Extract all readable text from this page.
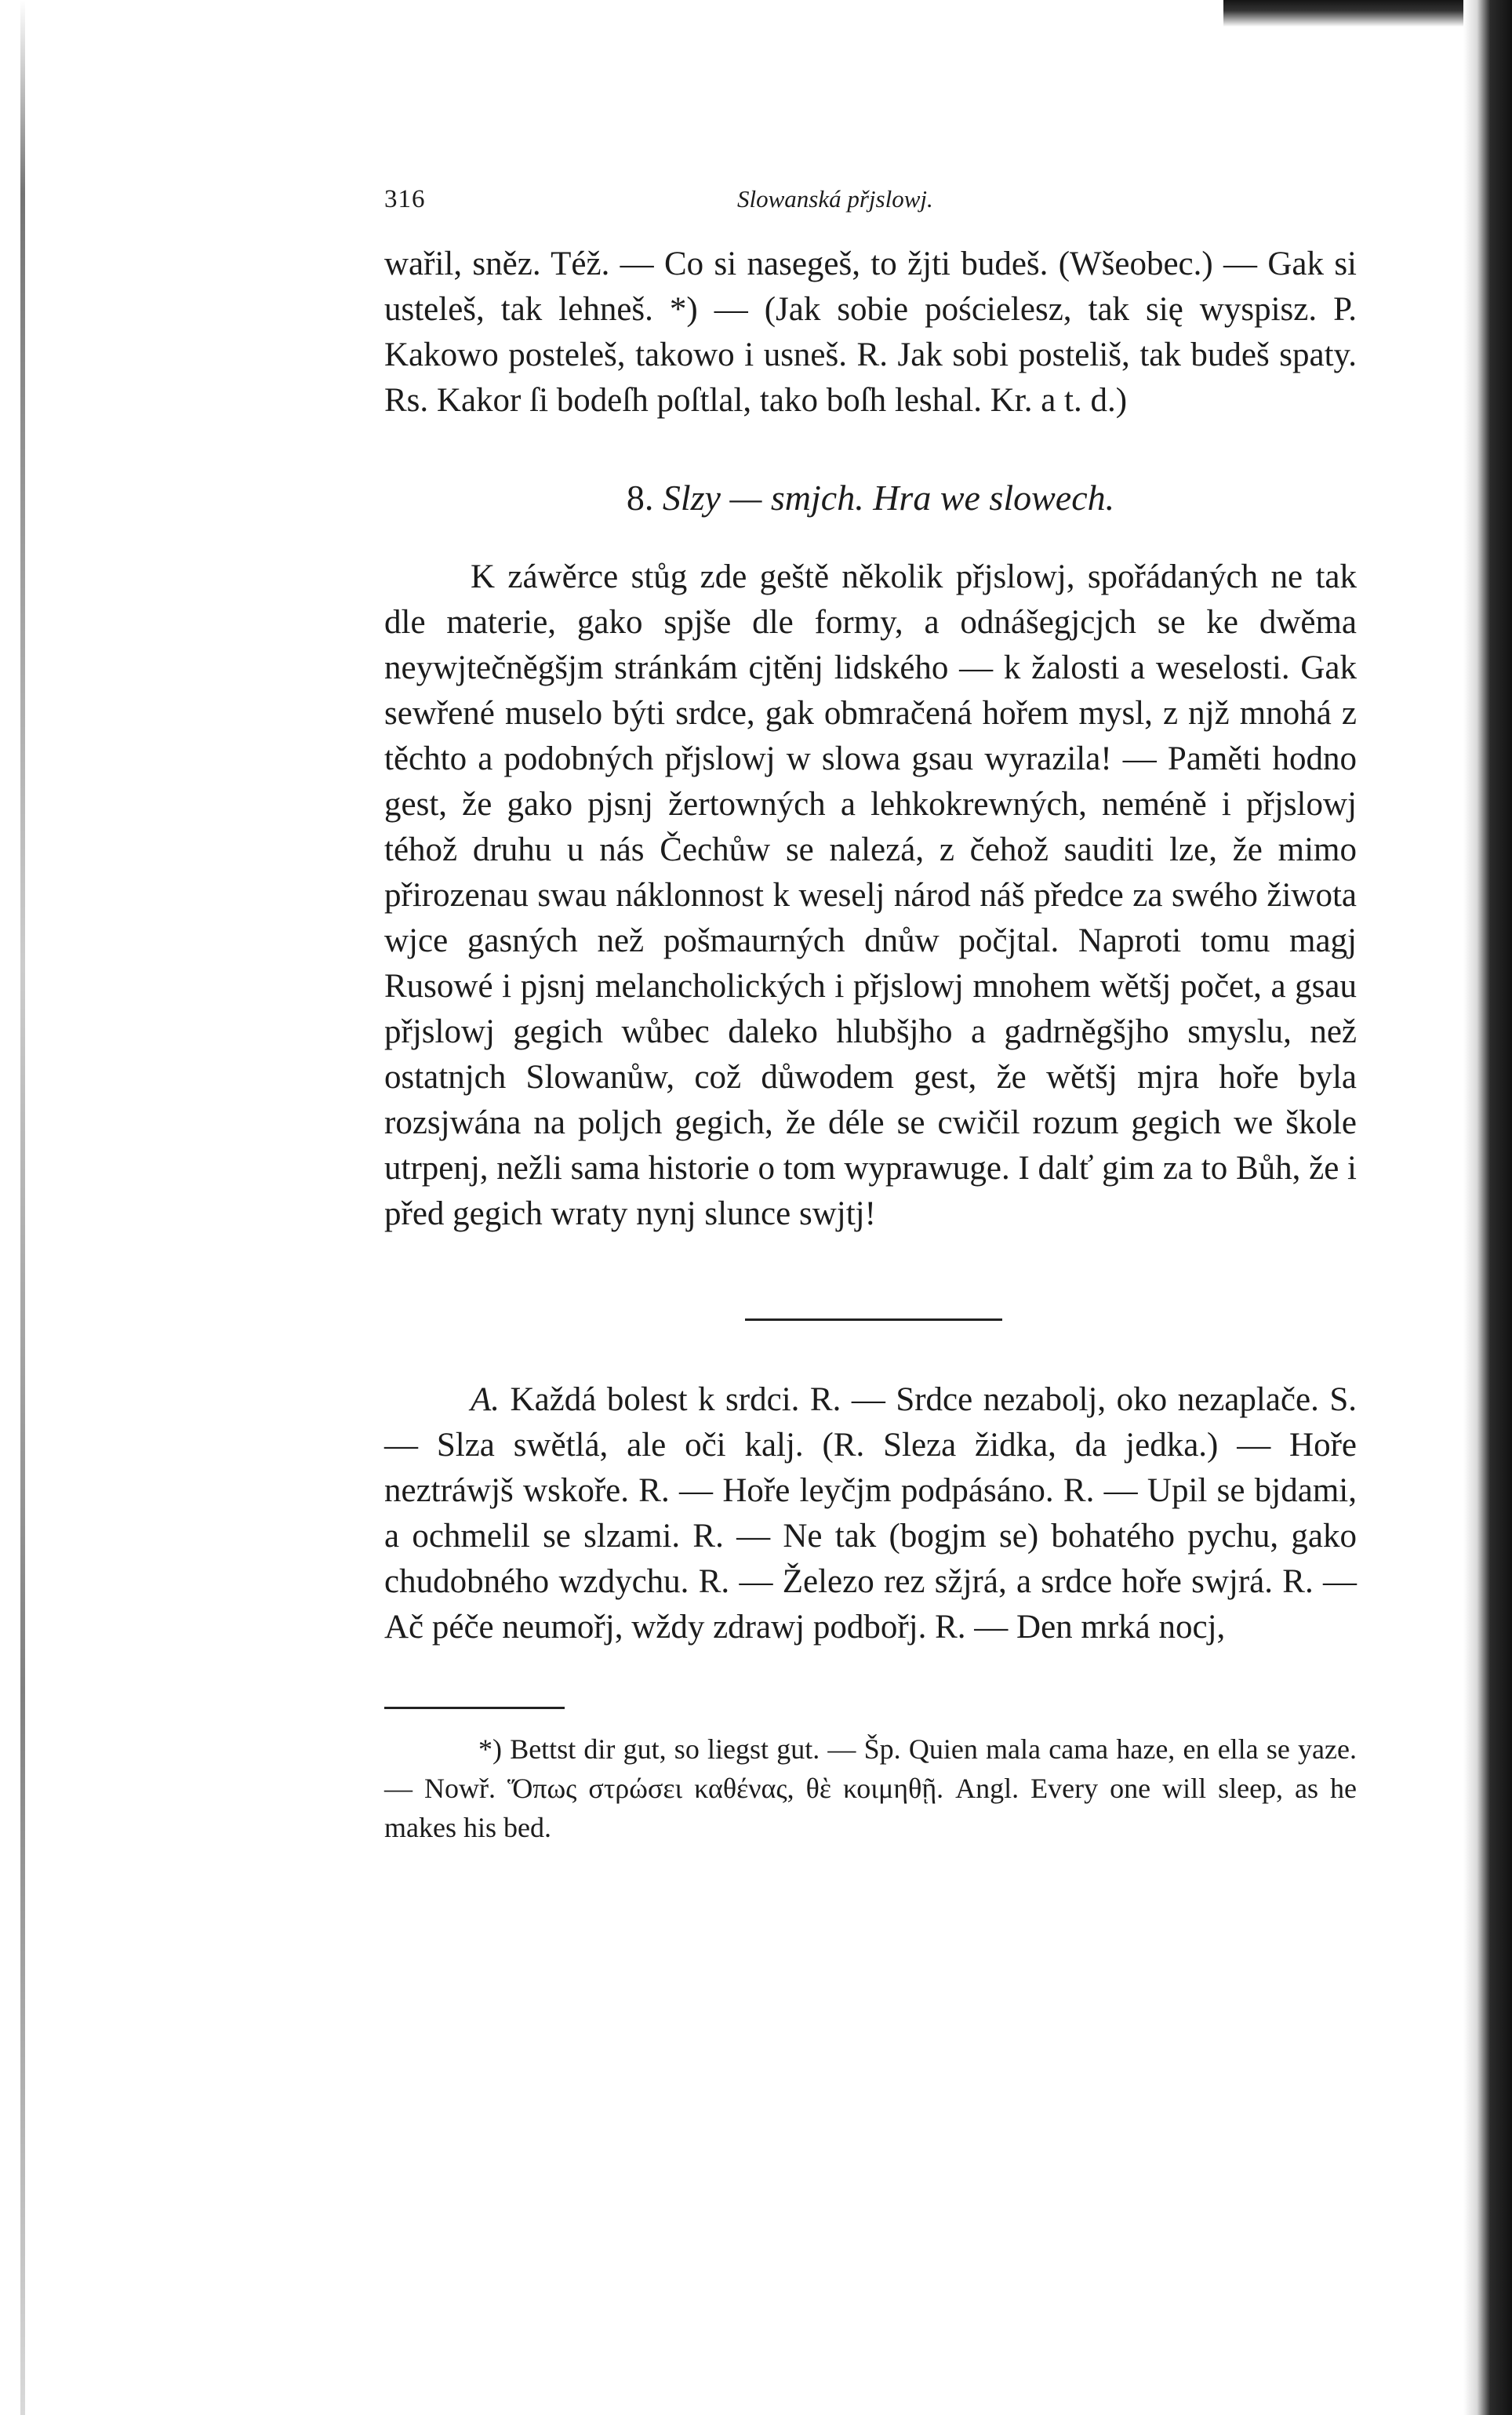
316	Slowanská přjslowj.

wařil, sněz. Též. — Co si nasegeš, to žjti budeš. (Wšeobec.) — Gak si usteleš, tak lehneš. *) — (Jak sobie pościelesz, tak się wyspisz. P. Kakowo posteleš, takowo i usneš. R. Jak sobi posteliš, tak budeš spaty. Rs. Kakor ſi bodeſh poſtlal, tako boſh leshal. Kr. a t. d.)

8. Slzy — smjch. Hra we slowech.

K záwěrce stůg zde geště několik přjslowj, spořádaných ne tak dle materie, gako spjše dle formy, a odnášegjcjch se ke dwěma neywjtečněgšjm stránkám cjtěnj lidského — k žalosti a weselosti. Gak sewřené muselo býti srdce, gak obmračená hořem mysl, z njž mnohá z těchto a podobných přjslowj w slowa gsau wyrazila! — Paměti hodno gest, že gako pjsnj žertowných a lehkokrewných, neméně i přjslowj téhož druhu u nás Čechůw se nalezá, z čehož sauditi lze, že mimo přirozenau swau náklonnost k weselj národ náš předce za swého žiwota wjce gasných než pošmaurných dnůw počjtal. Naproti tomu magj Rusowé i pjsnj melancholických i přjslowj mnohem wětšj počet, a gsau přjslowj gegich wůbec daleko hlubšjho a gadrněgšjho smyslu, než ostatnjch Slowanůw, což důwodem gest, že wětšj mjra hoře byla rozsjwána na poljch gegich, že déle se cwičil rozum gegich we škole utrpenj, nežli sama historie o tom wyprawuge. I dalť gim za to Bůh, že i před gegich wraty nynj slunce swjtj!

A. Každá bolest k srdci. R. — Srdce nezabolj, oko nezaplače. S. — Slza swětlá, ale oči kalj. (R. Sleza židka, da jedka.) — Hoře neztráwjš wskoře. R. — Hoře leyčjm podpásáno. R. — Upil se bjdami, a ochmelil se slzami. R. — Ne tak (bogjm se) bohatého pychu, gako chudobného wzdychu. R. — Železo rez sžjrá, a srdce hoře swjrá. R. — Ač péče neumořj, wždy zdrawj podbořj. R. — Den mrká nocj,

*) Bettst dir gut, so liegst gut. — Šp. Quien mala cama haze, en ella se yaze. — Nowř. Ὅπως στρώσει καθένας, θὲ κοιμηθῇ. Angl. Every one will sleep, as he makes his bed.
